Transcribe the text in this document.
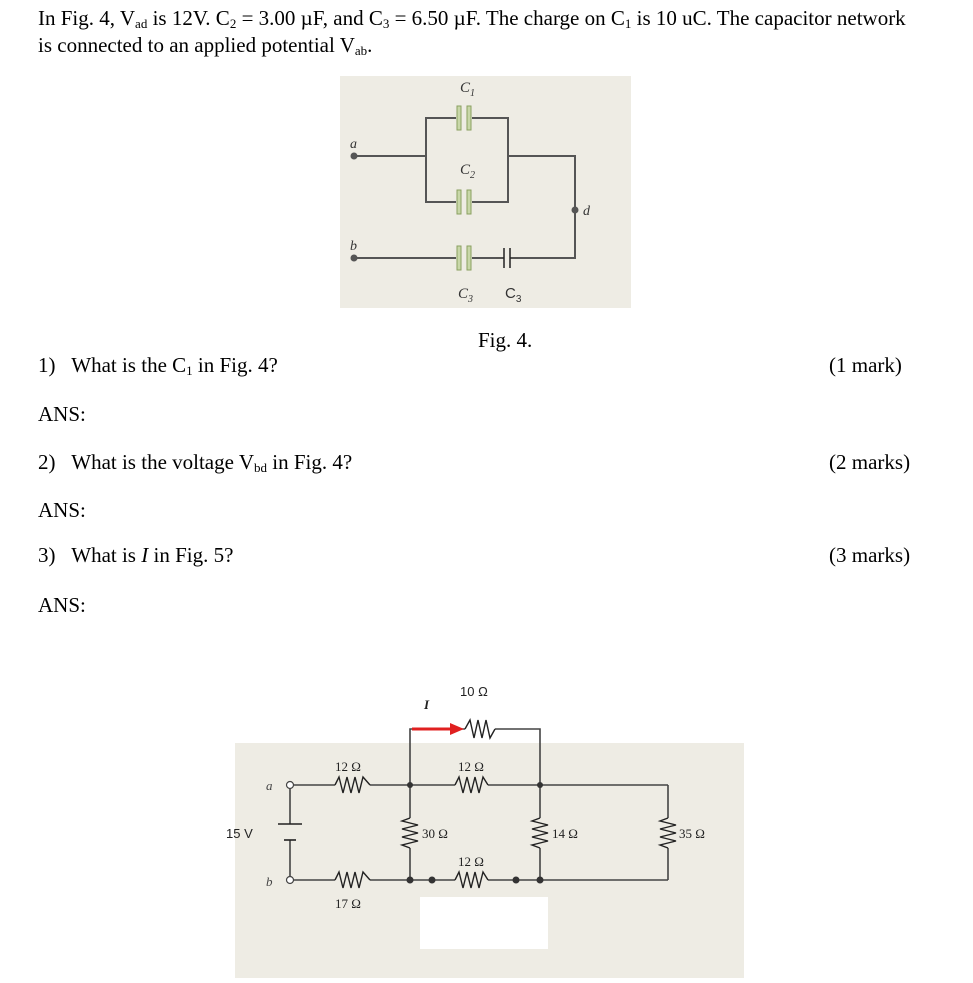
In Fig. 4, $V_{ad}$ is 12V. $C_2 = 3.00$ µF, and $C_3 = 6.50$ µF. The charge on $C_1$ is 10 uC. The capacitor network
is connected to an applied potential $V_{ab}$.
$C_1$
$C_2$
$C_3$ $C_3$
a
b
d
Fig. 4.
1) What is the $C_1$ in Fig. 4?	(1 mark)
ANS:
2) What is the voltage $V_{bd}$ in Fig. 4?	(2 marks)
ANS:
3) What is I in Fig. 5?	(3 marks)
ANS:
10 Ω
I
12 Ω	12 Ω
30 Ω	14 Ω	35 Ω
12 Ω
17 Ω
15 V
a
b
